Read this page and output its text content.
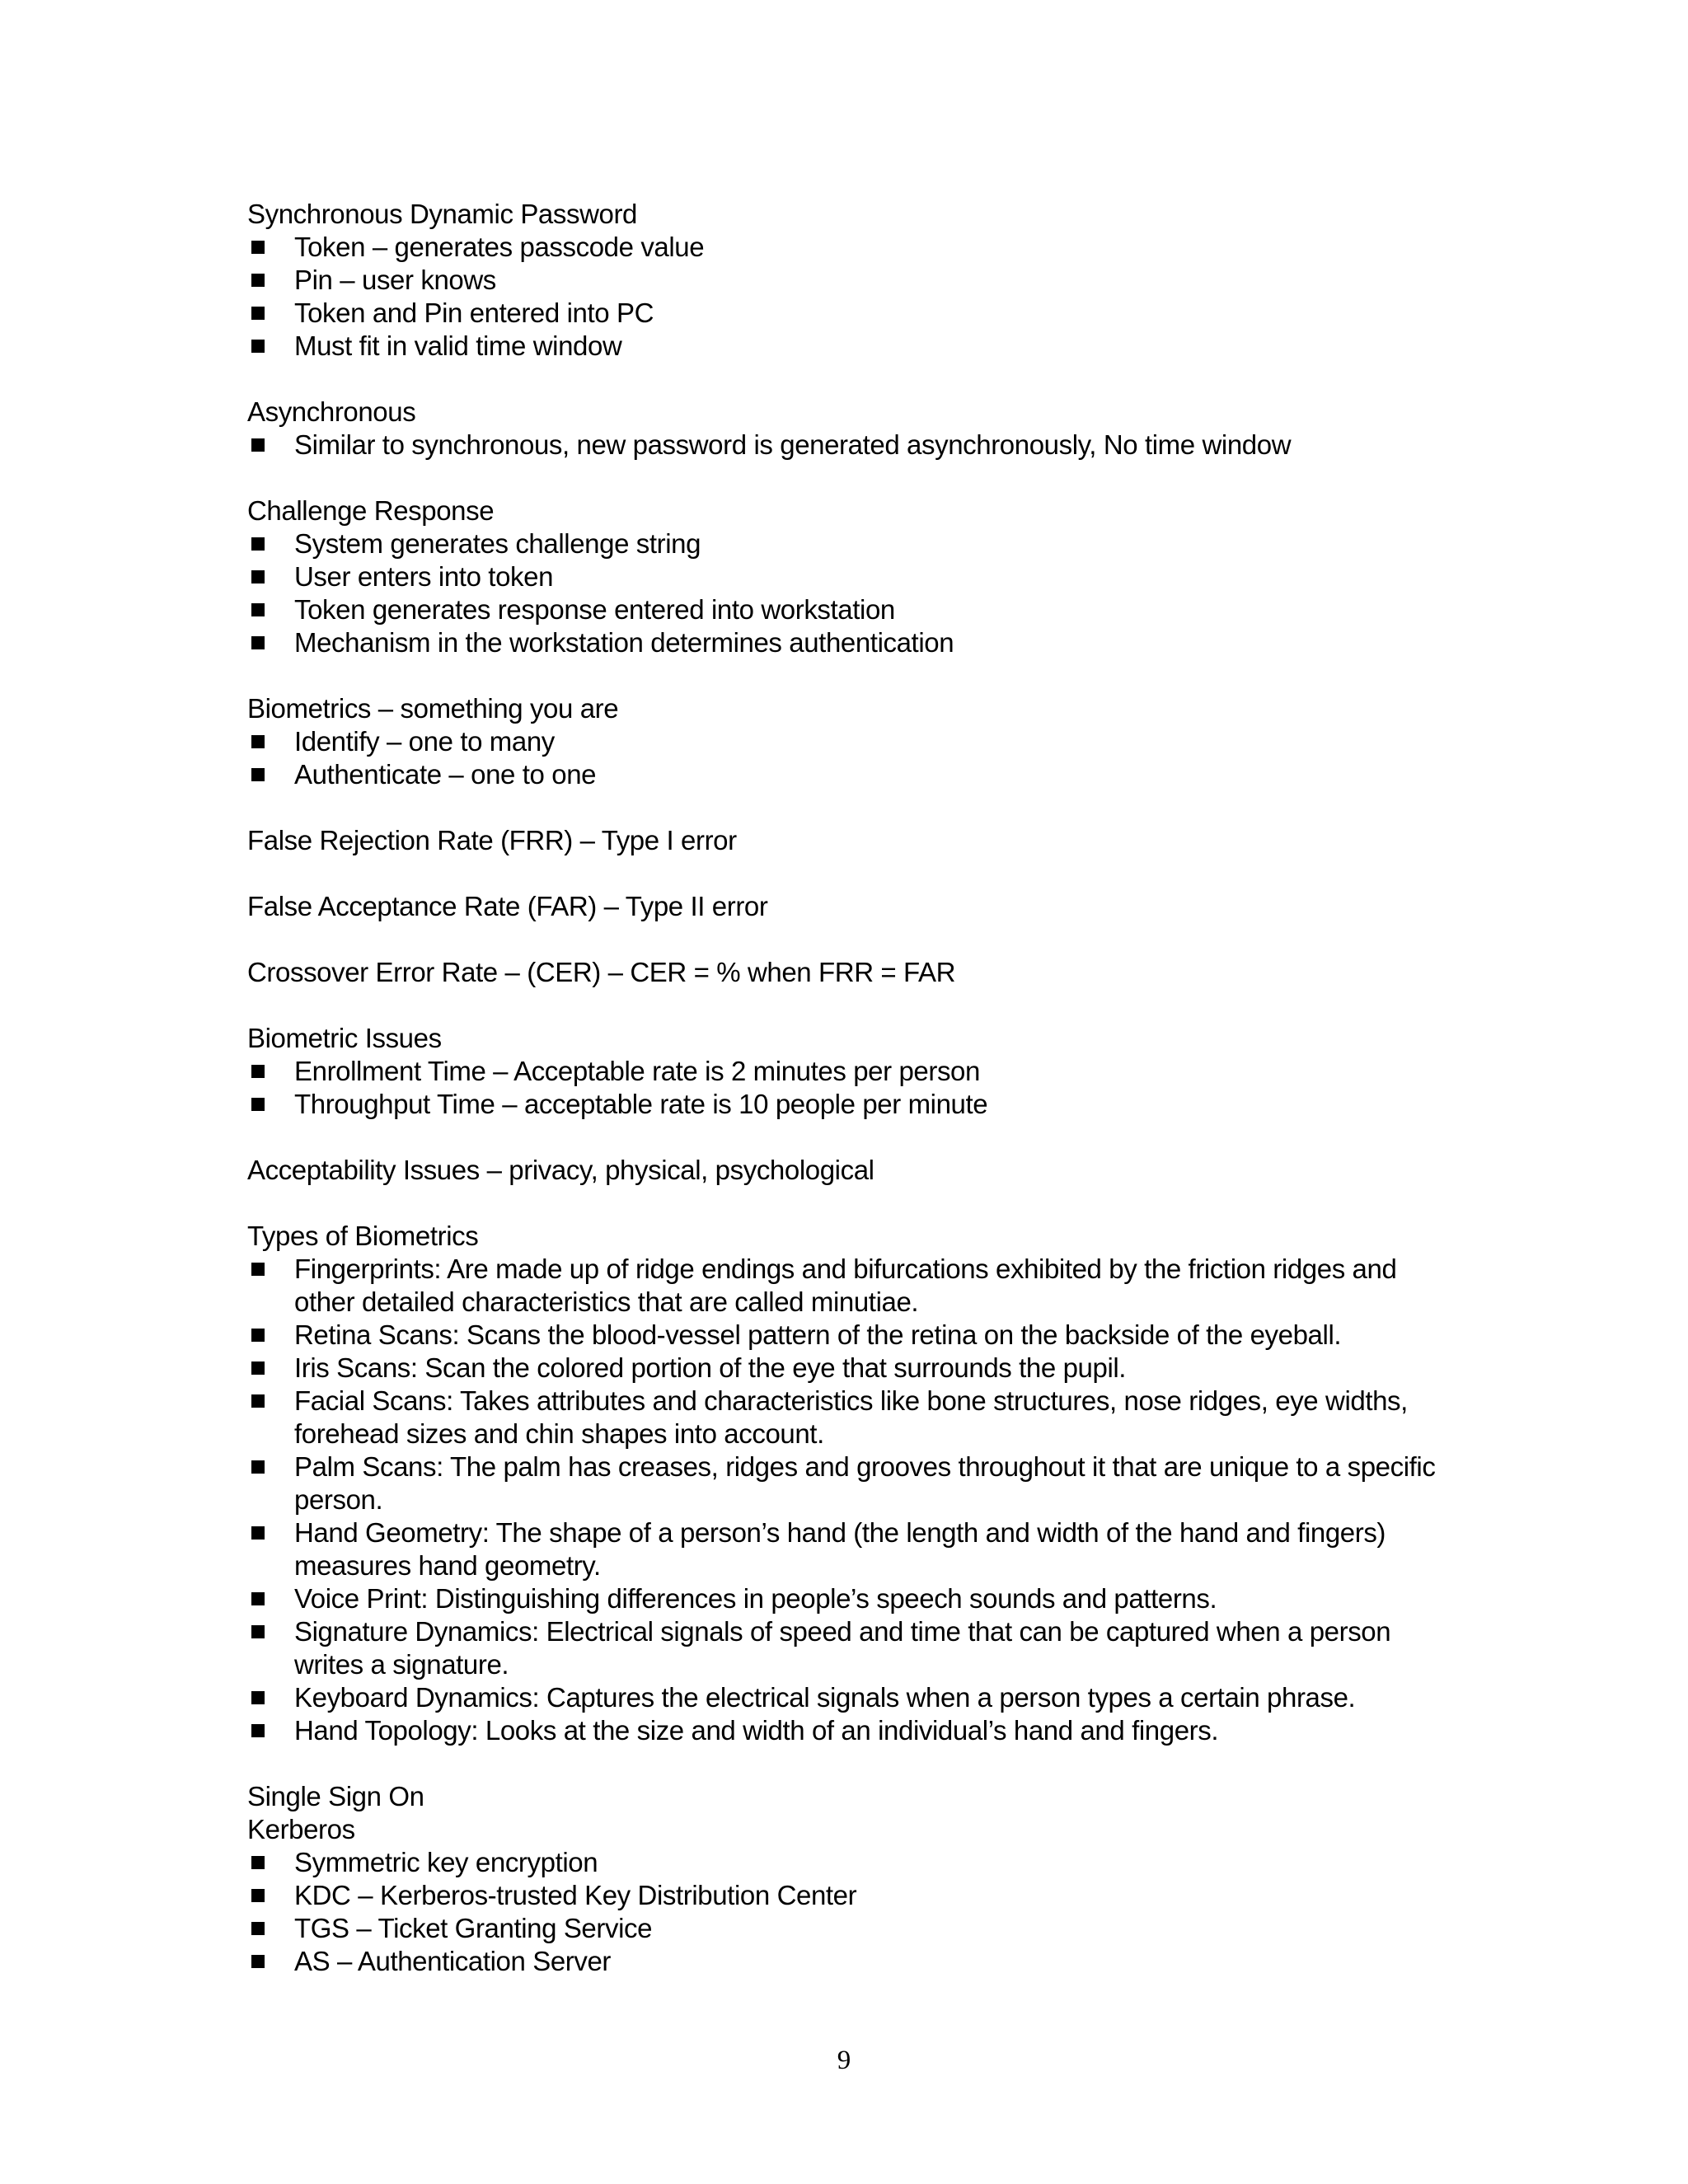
Synchronous Dynamic Password
Token – generates passcode value
Pin – user knows
Token and Pin entered into PC
Must fit in valid time window
Asynchronous
Similar to synchronous, new password is generated asynchronously, No time window
Challenge Response
System generates challenge string
User enters into token
Token generates response entered into workstation
Mechanism in the workstation determines authentication
Biometrics – something you are
Identify – one to many
Authenticate – one to one
False Rejection Rate (FRR) – Type I error
False Acceptance Rate (FAR) – Type II error
Crossover Error Rate – (CER) – CER = % when FRR = FAR
Biometric Issues
Enrollment Time – Acceptable rate is 2 minutes per person
Throughput Time – acceptable rate is 10 people per minute
Acceptability Issues – privacy, physical, psychological
Types of Biometrics
Fingerprints: Are made up of ridge endings and bifurcations exhibited by the friction ridges and other detailed characteristics that are called minutiae.
Retina Scans: Scans the blood-vessel pattern of the retina on the backside of the eyeball.
Iris Scans: Scan the colored portion of the eye that surrounds the pupil.
Facial Scans: Takes attributes and characteristics like bone structures, nose ridges, eye widths, forehead sizes and chin shapes into account.
Palm Scans: The palm has creases, ridges and grooves throughout it that are unique to a specific person.
Hand Geometry: The shape of a person’s hand (the length and width of the hand and fingers) measures hand geometry.
Voice Print: Distinguishing differences in people’s speech sounds and patterns.
Signature Dynamics: Electrical signals of speed and time that can be captured when a person writes a signature.
Keyboard Dynamics: Captures the electrical signals when a person types a certain phrase.
Hand Topology: Looks at the size and width of an individual’s hand and fingers.
Single Sign On
Kerberos
Symmetric key encryption
KDC – Kerberos-trusted Key Distribution Center
TGS – Ticket Granting Service
AS – Authentication Server
9
